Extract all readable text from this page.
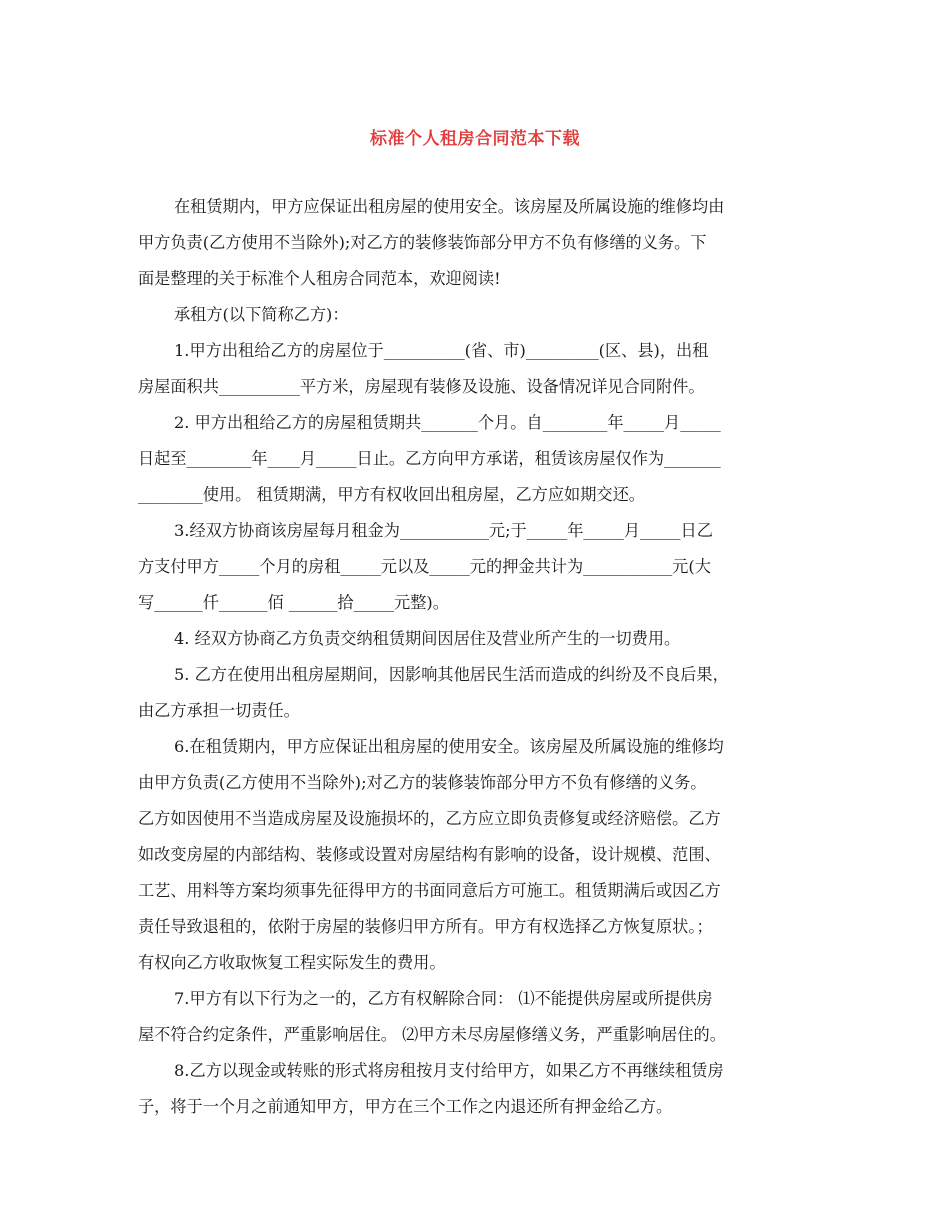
标准个人租房合同范本下载
在租赁期内，甲方应保证出租房屋的使用安全。该房屋及所属设施的维修均由
甲方负责(乙方使用不当除外);对乙方的装修装饰部分甲方不负有修缮的义务。下
面是整理的关于标准个人租房合同范本，欢迎阅读!
承租方(以下简称乙方)：
1.甲方出租给乙方的房屋位于__________(省、市)_________(区、县)，出租
房屋面积共__________平方米，房屋现有装修及设施、设备情况详见合同附件。
2. 甲方出租给乙方的房屋租赁期共_______个月。自________年_____月_____
日起至________年____月_____日止。乙方向甲方承诺，租赁该房屋仅作为_______
________使用。 租赁期满，甲方有权收回出租房屋，乙方应如期交还。
3.经双方协商该房屋每月租金为___________元;于_____年_____月_____日乙
方支付甲方_____个月的房租_____元以及_____元的押金共计为___________元(大
写______仟______佰 ______拾_____元整)。
4. 经双方协商乙方负责交纳租赁期间因居住及营业所产生的一切费用。
5. 乙方在使用出租房屋期间，因影响其他居民生活而造成的纠纷及不良后果，
由乙方承担一切责任。
6.在租赁期内，甲方应保证出租房屋的使用安全。该房屋及所属设施的维修均
由甲方负责(乙方使用不当除外);对乙方的装修装饰部分甲方不负有修缮的义务。
乙方如因使用不当造成房屋及设施损坏的，乙方应立即负责修复或经济赔偿。乙方
如改变房屋的内部结构、装修或设置对房屋结构有影响的设备，设计规模、范围、
工艺、用料等方案均须事先征得甲方的书面同意后方可施工。租赁期满后或因乙方
责任导致退租的，依附于房屋的装修归甲方所有。甲方有权选择乙方恢复原状。；
有权向乙方收取恢复工程实际发生的费用。
7.甲方有以下行为之一的，乙方有权解除合同： ⑴不能提供房屋或所提供房
屋不符合约定条件，严重影响居住。 ⑵甲方未尽房屋修缮义务，严重影响居住的。
8.乙方以现金或转账的形式将房租按月支付给甲方，如果乙方不再继续租赁房
子，将于一个月之前通知甲方，甲方在三个工作之内退还所有押金给乙方。
